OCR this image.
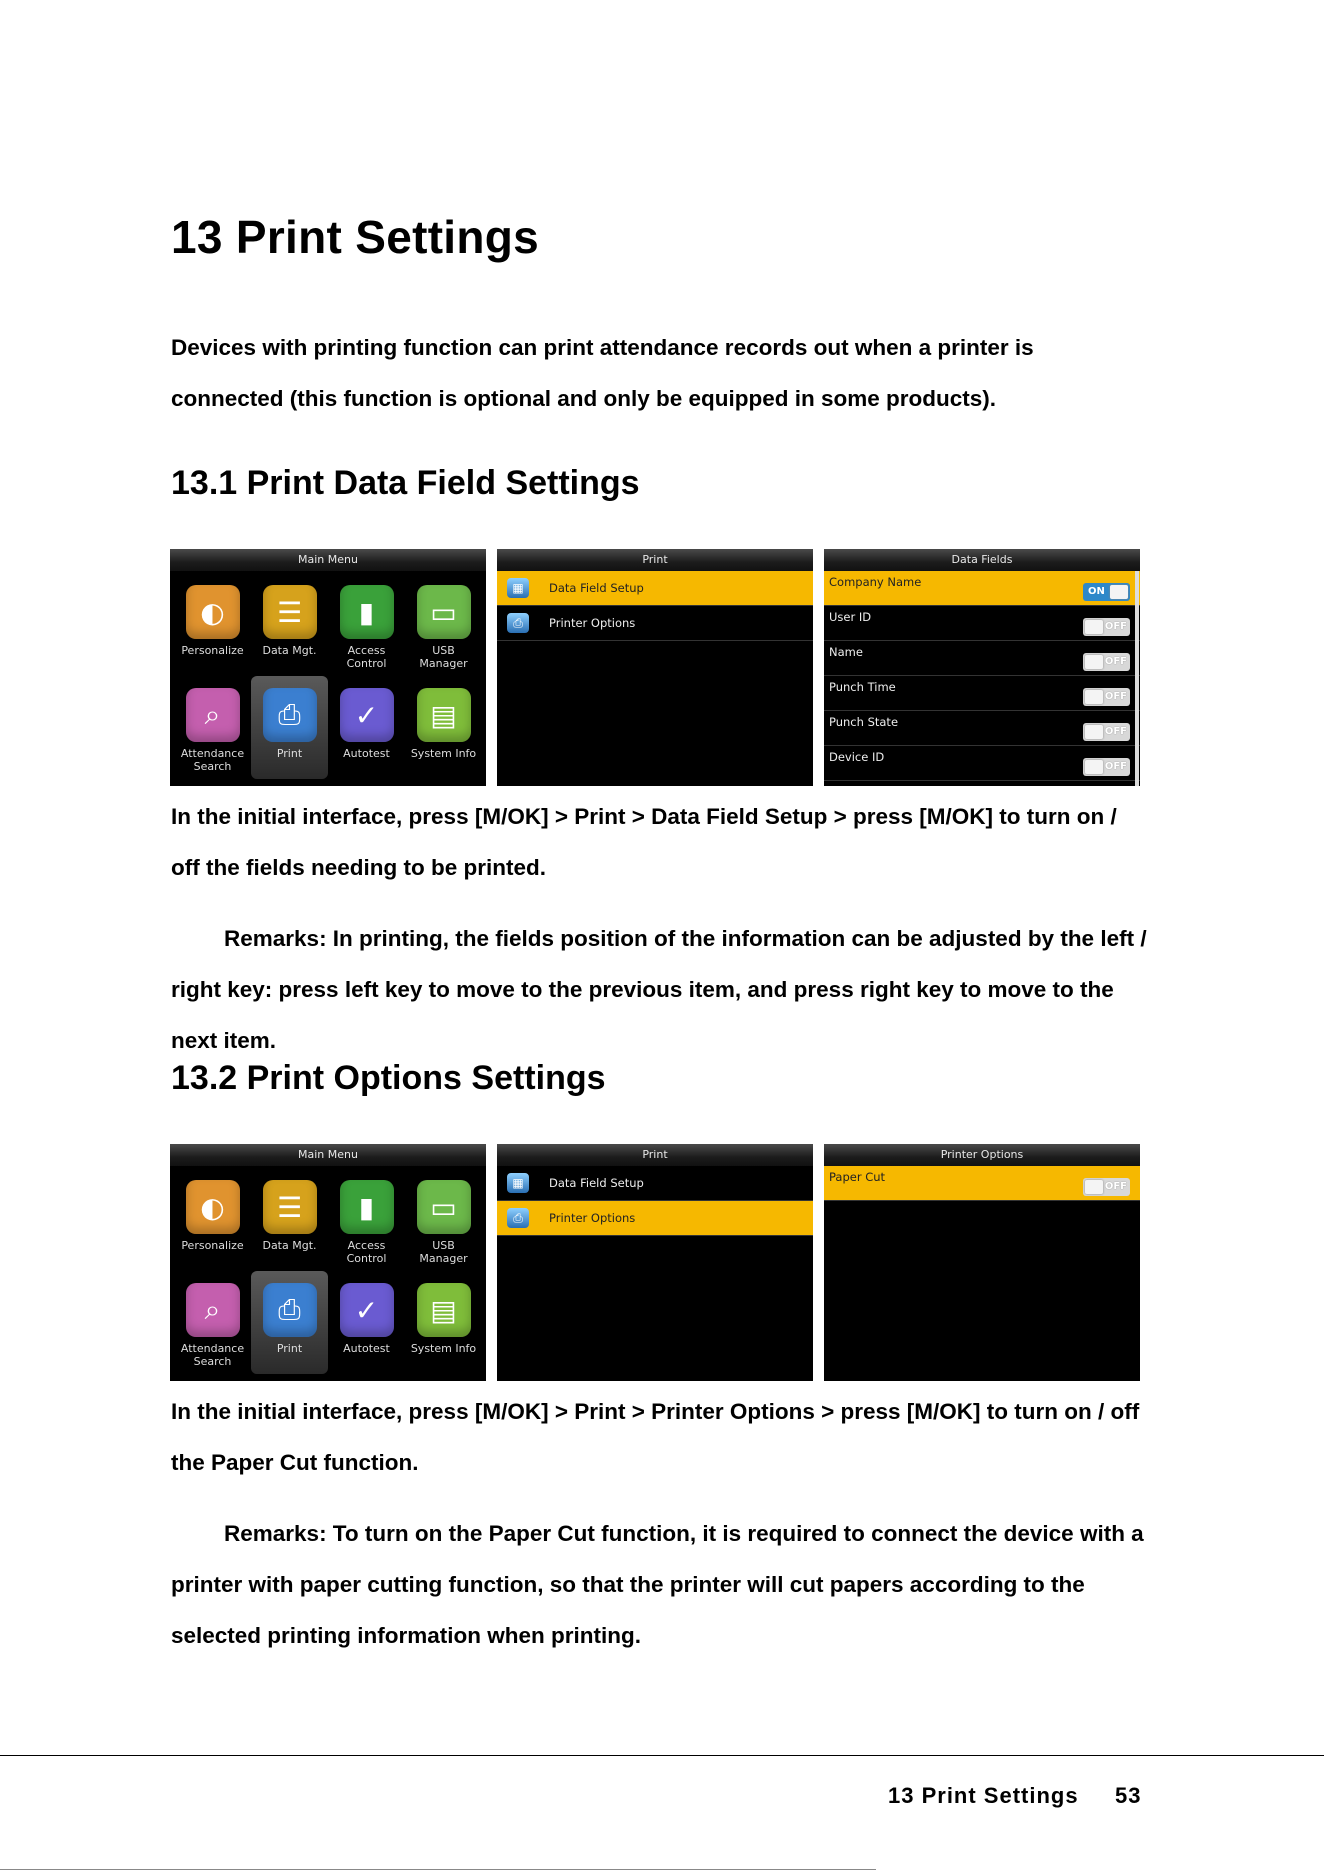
13 Print Settings

Devices with printing function can print attendance records out when a printer is connected (this function is optional and only be equipped in some products).

13.1 Print Data Field Settings
Main Menu
◐
Personalize
☰
Data Mgt.
▮
Access
Control
▭
USB
Manager
⌕
Attendance
Search
⎙
Print
✓
Autotest
▤
System Info
Print
▦	Data Field Setup
⎙	Printer Options
Data Fields
Company Name
ON
User ID
OFF
Name
OFF
Punch Time
OFF
Punch State
OFF
Device ID
OFF

In the initial interface, press [M/OK] > Print > Data Field Setup > press [M/OK] to turn on / off the fields needing to be printed.

Remarks: In printing, the fields position of the information can be adjusted by the left / right key: press left key to move to the previous item, and press right key to move to the next item.

13.2 Print Options Settings
Main Menu
◐
Personalize
☰
Data Mgt.
▮
Access
Control
▭
USB
Manager
⌕
Attendance
Search
⎙
Print
✓
Autotest
▤
System Info
Print
▦	Data Field Setup
⎙	Printer Options
Printer Options
Paper Cut
OFF

In the initial interface, press [M/OK] > Print > Printer Options > press [M/OK] to turn on / off the Paper Cut function.

Remarks: To turn on the Paper Cut function, it is required to connect the device with a printer with paper cutting function, so that the printer will cut papers according to the selected printing information when printing.

13 Print Settings 53
